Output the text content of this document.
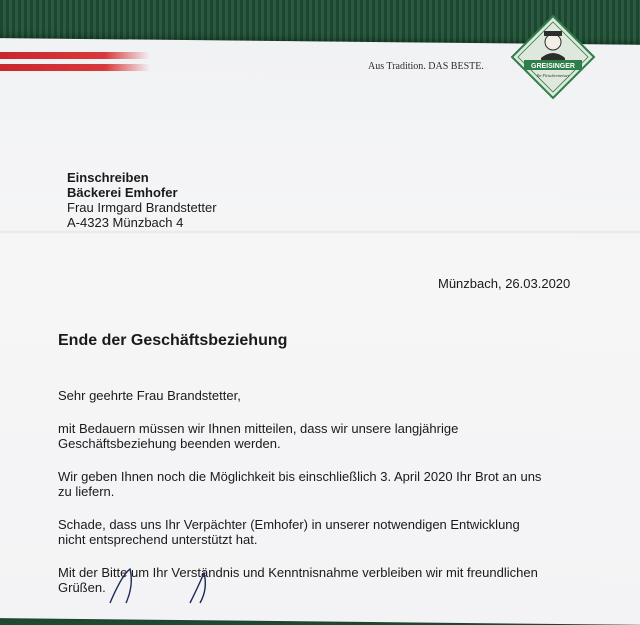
Aus Tradition. DAS BESTE.	GREISINGER
Ihr Fleischermeister
Einschreiben
Bäckerei Emhofer
Frau Irmgard Brandstetter
A-4323 Münzbach 4
Münzbach, 26.03.2020
Ende der Geschäftsbeziehung
Sehr geehrte Frau Brandstetter,
mit Bedauern müssen wir Ihnen mitteilen, dass wir unsere langjährige
Geschäftsbeziehung beenden werden.
Wir geben Ihnen noch die Möglichkeit bis einschließlich 3. April 2020 Ihr Brot an uns
zu liefern.
Schade, dass uns Ihr Verpächter (Emhofer) in unserer notwendigen Entwicklung
nicht entsprechend unterstützt hat.
Mit der Bitte um Ihr Verständnis und Kenntnisnahme verbleiben wir mit freundlichen
Grüßen.
